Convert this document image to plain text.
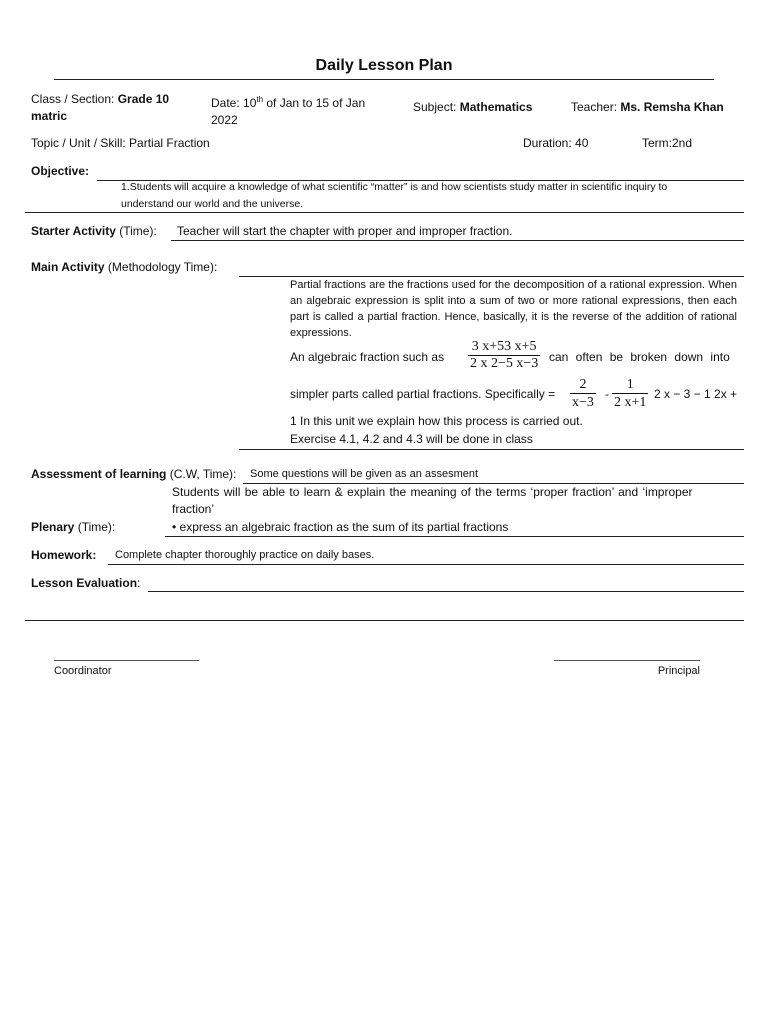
Daily Lesson Plan
Class / Section: Grade 10
matric
Date: 10th of Jan to 15 of Jan
2022
Subject: Mathematics	Teacher: Ms. Remsha Khan
Topic / Unit / Skill: Partial Fraction	Duration: 40	Term:2nd
Objective:
1.Students will acquire a knowledge of what scientific “matter” is and how scientists study matter in scientific inquiry to
understand our world and the universe.
Starter Activity (Time): Teacher will start the chapter with proper and improper fraction.
Main Activity (Methodology Time):
Partial fractions are the fractions used for the decomposition of a rational expression. When an algebraic expression is split into a sum of two or more rational expressions, then each part is called a partial fraction. Hence, basically, it is the reverse of the addition of rational expressions.
An algebraic fraction such as $\frac{3 x+53 x+5}{2 x 2-5 x-3}$ can often be broken down into
simpler parts called partial fractions. Specifically = $\frac{2}{x-3} - \frac{1}{2 x+1} 2$ x − 3 − 1 2x +
1 In this unit we explain how this process is carried out.
Exercise 4.1, 4.2 and 4.3 will be done in class
Assessment of learning (C.W, Time): Some questions will be given as an assesment
Students will be able to learn & explain the meaning of the terms ‘proper fraction’ and ‘improper
fraction’
Plenary (Time):	• express an algebraic fraction as the sum of its partial fractions
Homework: Complete chapter thoroughly practice on daily bases.
Lesson Evaluation:
Coordinator	Principal
